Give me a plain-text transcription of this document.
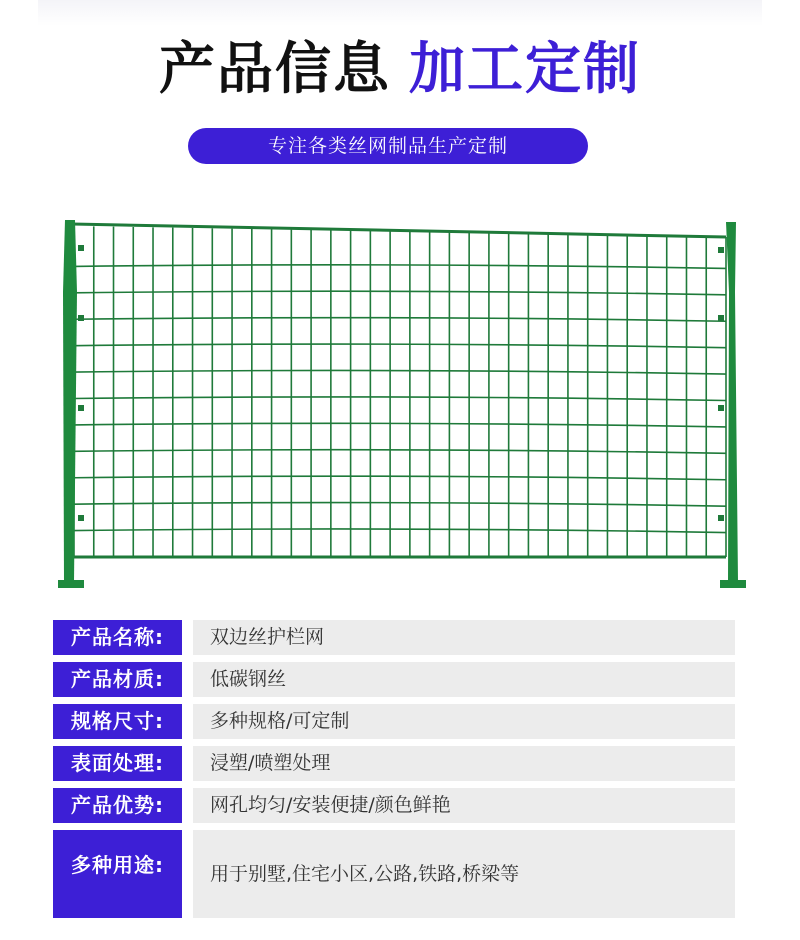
产品信息 加工定制
专注各类丝网制品生产定制
产品名称:	双边丝护栏网
产品材质:	低碳钢丝
规格尺寸:	多种规格/可定制
表面处理:	浸塑/喷塑处理
产品优势:	网孔均匀/安装便捷/颜色鲜艳
多种用途:	用于别墅,住宅小区,公路,铁路,桥梁等
